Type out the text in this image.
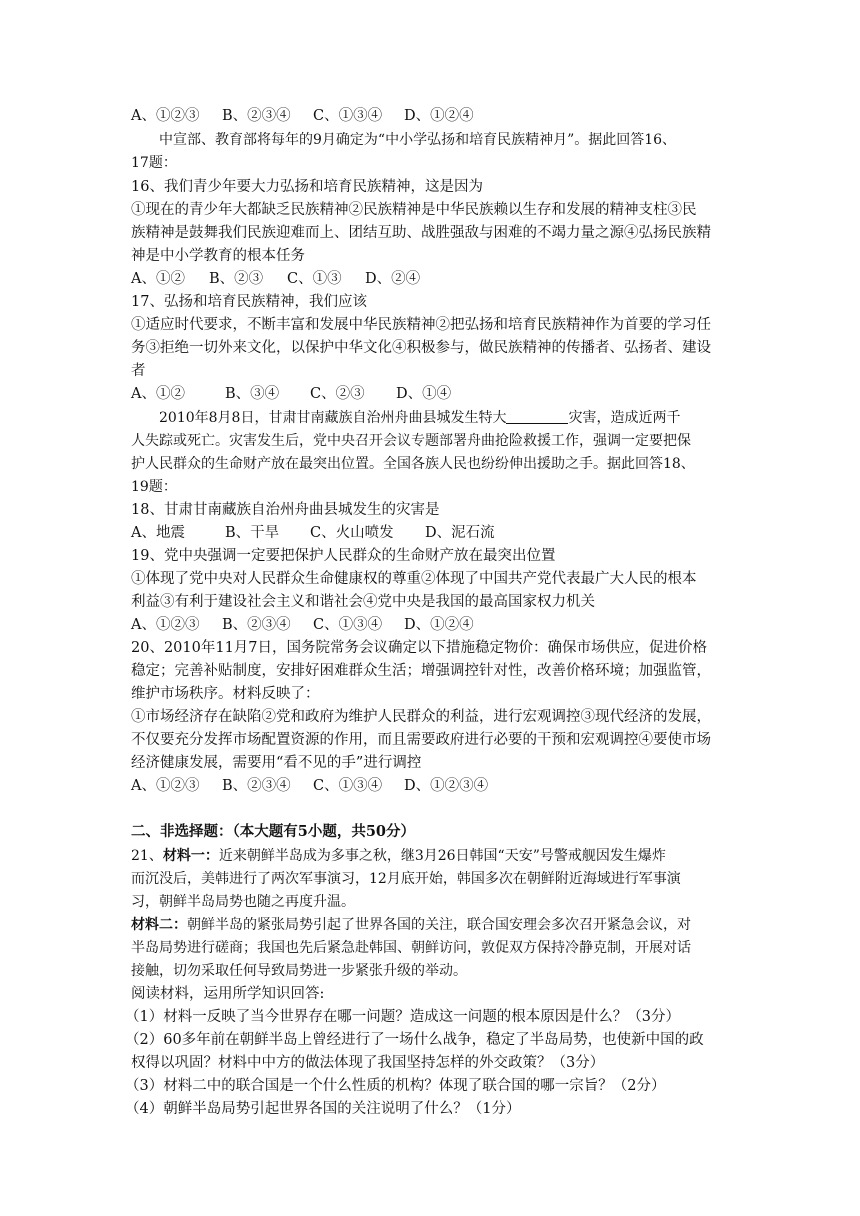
A、①②③ B、②③④ C、①③④ D、①②④
中宣部、教育部将每年的9月确定为“中小学弘扬和培育民族精神月”。据此回答16、
17题：
16、我们青少年要大力弘扬和培育民族精神，这是因为
①现在的青少年大都缺乏民族精神②民族精神是中华民族赖以生存和发展的精神支柱③民
族精神是鼓舞我们民族迎难而上、团结互助、战胜强敌与困难的不竭力量之源④弘扬民族精
神是中小学教育的根本任务
A、①② B、②③ C、①③ D、②④
17、弘扬和培育民族精神，我们应该
①适应时代要求，不断丰富和发展中华民族精神②把弘扬和培育民族精神作为首要的学习任
务③拒绝一切外来文化，以保护中华文化④积极参与，做民族精神的传播者、弘扬者、建设
者
A、①②	B、③④ C、②③ D、①④
2010年8月8日，甘肃甘南藏族自治州舟曲县城发生特大	灾害，造成近两千
人失踪或死亡。灾害发生后，党中央召开会议专题部署舟曲抢险救援工作，强调一定要把保
护人民群众的生命财产放在最突出位置。全国各族人民也纷纷伸出援助之手。据此回答18、
19题：
18、甘肃甘南藏族自治州舟曲县城发生的灾害是
A、地震	B、干旱 C、火山喷发 D、泥石流
19、党中央强调一定要把保护人民群众的生命财产放在最突出位置
①体现了党中央对人民群众生命健康权的尊重②体现了中国共产党代表最广大人民的根本
利益③有利于建设社会主义和谐社会④党中央是我国的最高国家权力机关
A、①②③ B、②③④ C、①③④ D、①②④
20、2010年11月7日，国务院常务会议确定以下措施稳定物价：确保市场供应，促进价格
稳定；完善补贴制度，安排好困难群众生活；增强调控针对性，改善价格环境；加强监管，
维护市场秩序。材料反映了：
①市场经济存在缺陷②党和政府为维护人民群众的利益，进行宏观调控③现代经济的发展，
不仅要充分发挥市场配置资源的作用，而且需要政府进行必要的干预和宏观调控④要使市场
经济健康发展，需要用“看不见的手”进行调控
A、①②③ B、②③④ C、①③④ D、①②③④
二、非选择题：（本大题有5小题，共50分）
21、材料一：近来朝鲜半岛成为多事之秋，继3月26日韩国“天安”号警戒舰因发生爆炸
而沉没后，美韩进行了两次军事演习，12月底开始，韩国多次在朝鲜附近海域进行军事演
习，朝鲜半岛局势也随之再度升温。
材料二：朝鲜半岛的紧张局势引起了世界各国的关注，联合国安理会多次召开紧急会议，对
半岛局势进行磋商；我国也先后紧急赴韩国、朝鲜访问，敦促双方保持冷静克制，开展对话
接触，切勿采取任何导致局势进一步紧张升级的举动。
阅读材料，运用所学知识回答:
（1）材料一反映了当今世界存在哪一问题？造成这一问题的根本原因是什么？（3分）
（2）60多年前在朝鲜半岛上曾经进行了一场什么战争，稳定了半岛局势，也使新中国的政
权得以巩固？材料中中方的做法体现了我国坚持怎样的外交政策？（3分）
（3）材料二中的联合国是一个什么性质的机构？体现了联合国的哪一宗旨？（2分）
（4）朝鲜半岛局势引起世界各国的关注说明了什么？（1分）
